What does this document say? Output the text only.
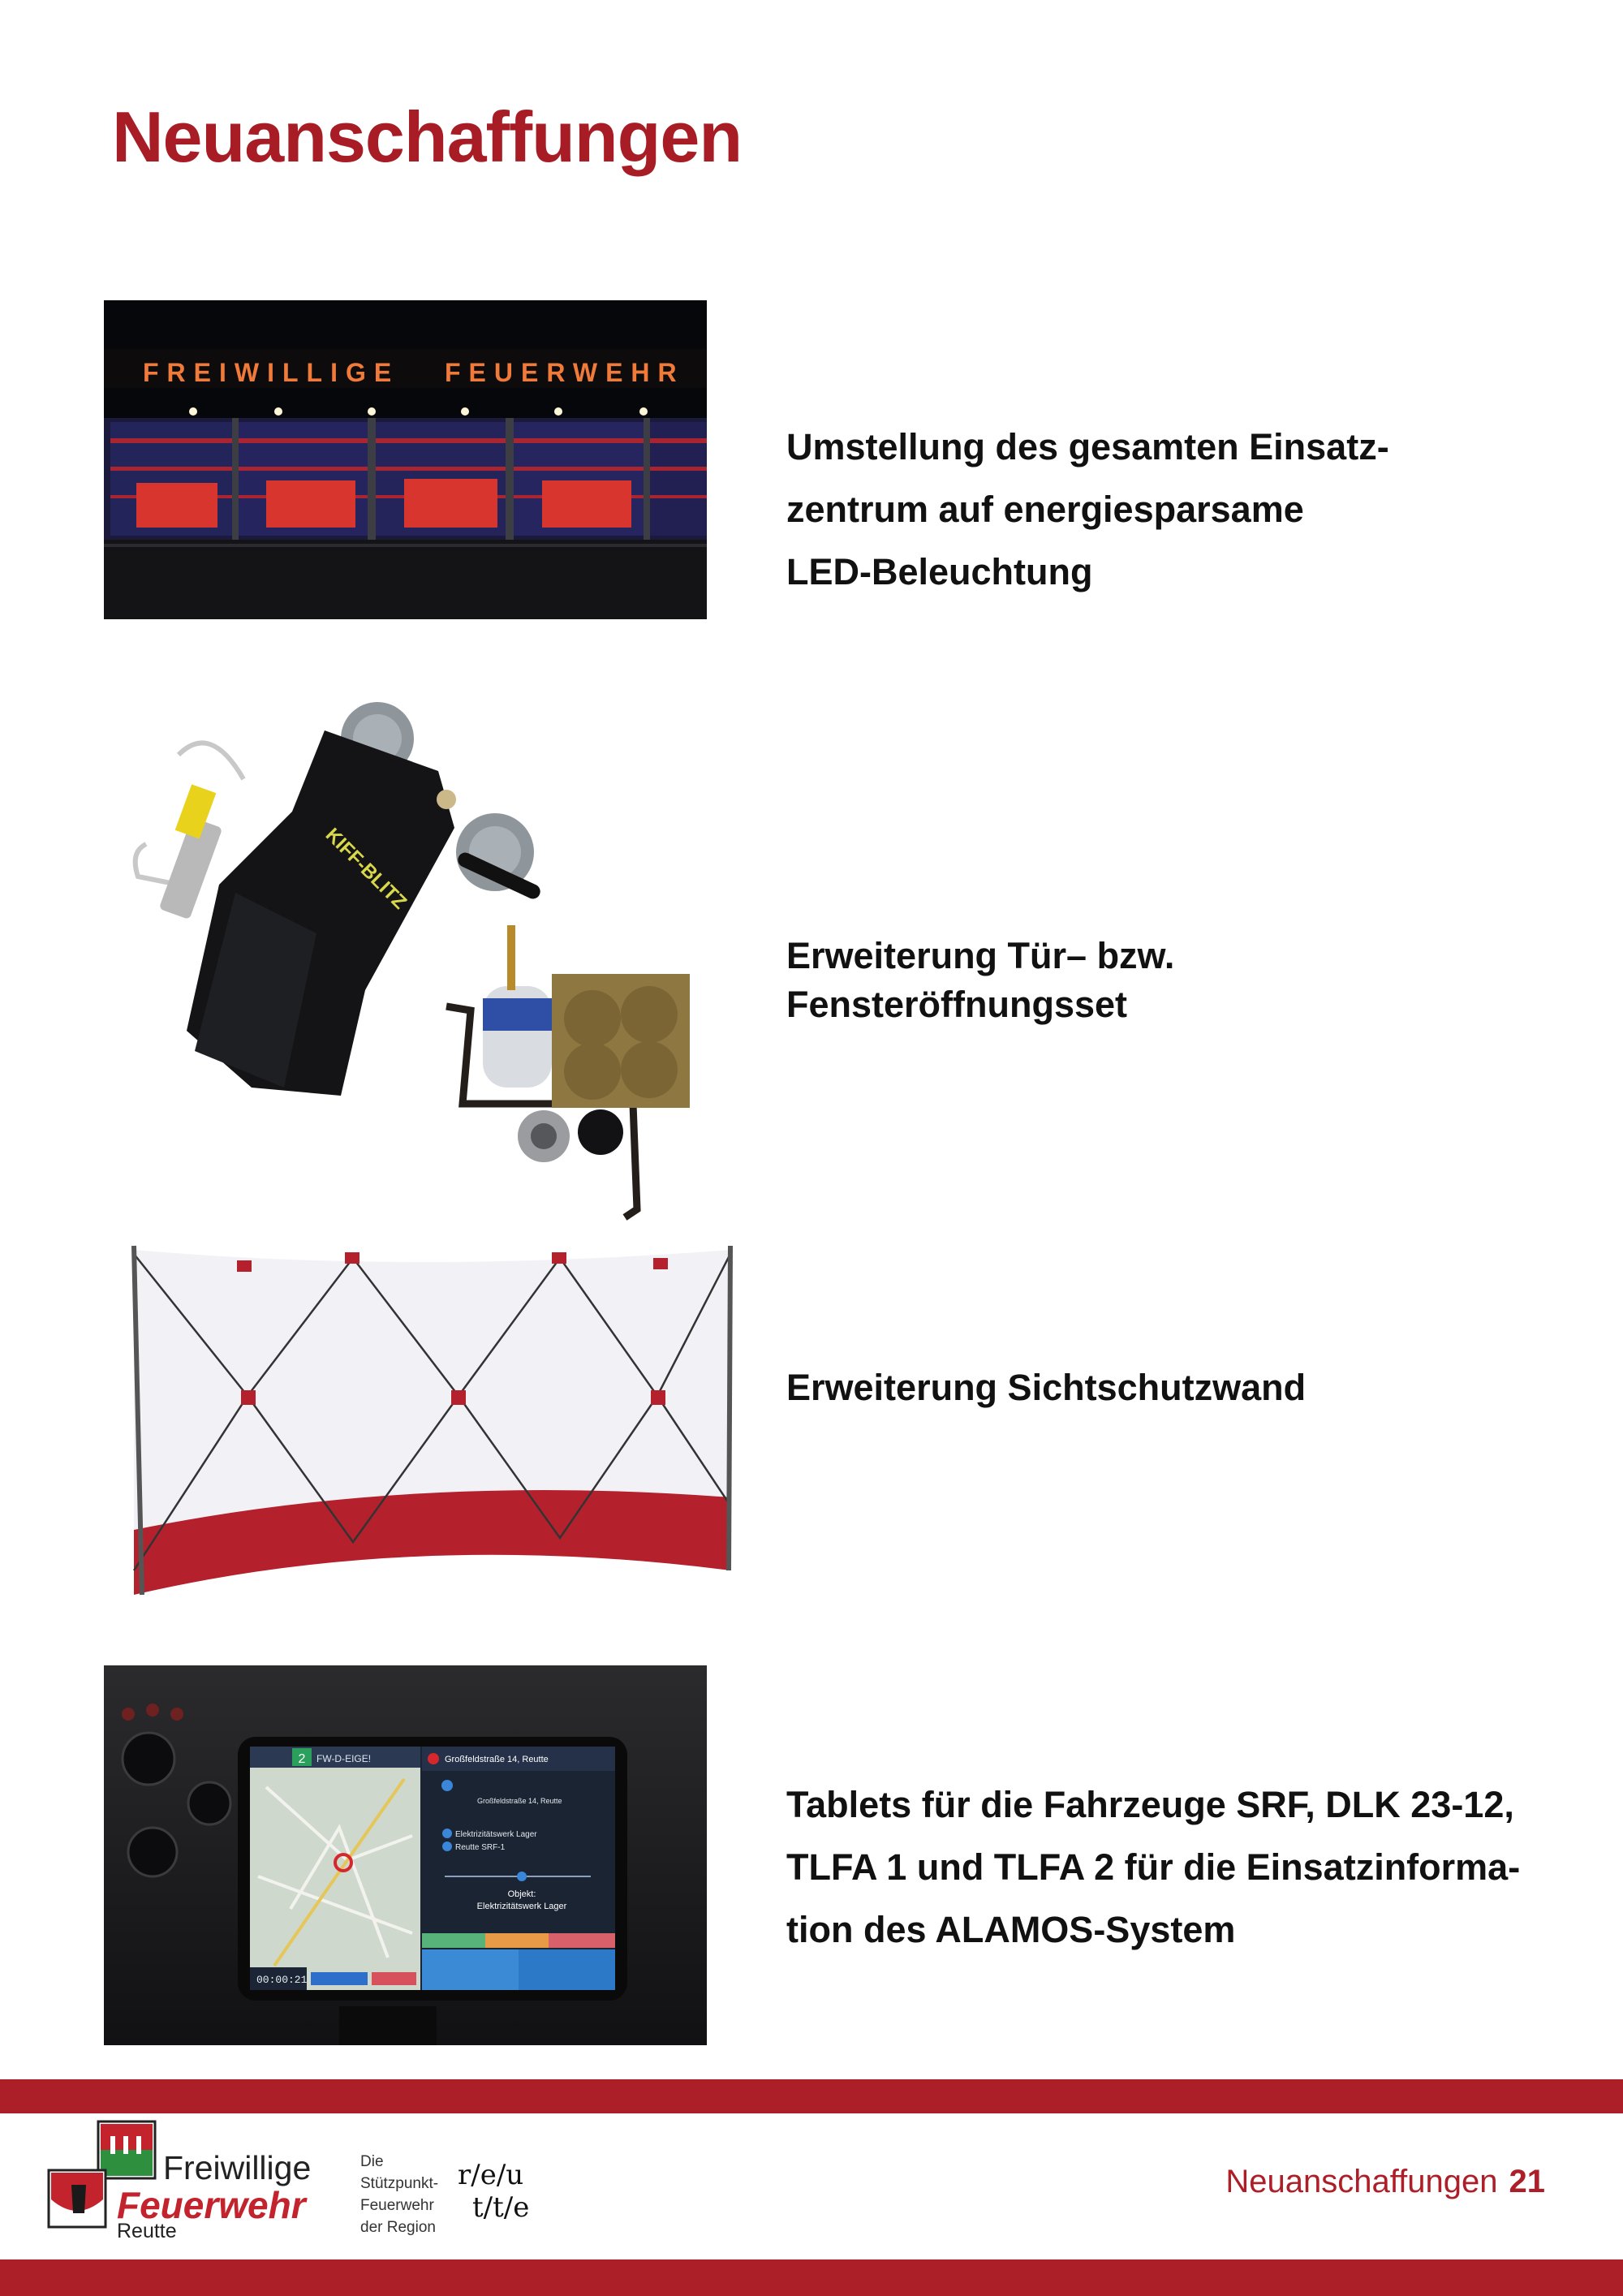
Neuanschaffungen
FREIWILLIGE FEUERWEHR

Umstellung des gesamten Einsatz-
zentrum auf energiesparsame
LED-Beleuchtung

KIFF-BLITZ

Erweiterung Tür– bzw.
Fensteröffnungsset

Erweiterung Sichtschutzwand

2 FW-D-EIGE!
00:00:21
Großfeldstraße 14, Reutte
Großfeldstraße 14, Reutte
Elektrizitätswerk Lager
Reutte SRF-1
Objekt:
Elektrizitätswerk Lager

Tablets für die Fahrzeuge SRF, DLK 23-12,
TLFA 1 und TLFA 2 für die Einsatzinforma-
tion des ALAMOS-System

Freiwillige
Feuerwehr
Reutte
Die
Stützpunkt-
Feuerwehr
der Region
r/e/u
t/t/e
Neuanschaffungen 21
